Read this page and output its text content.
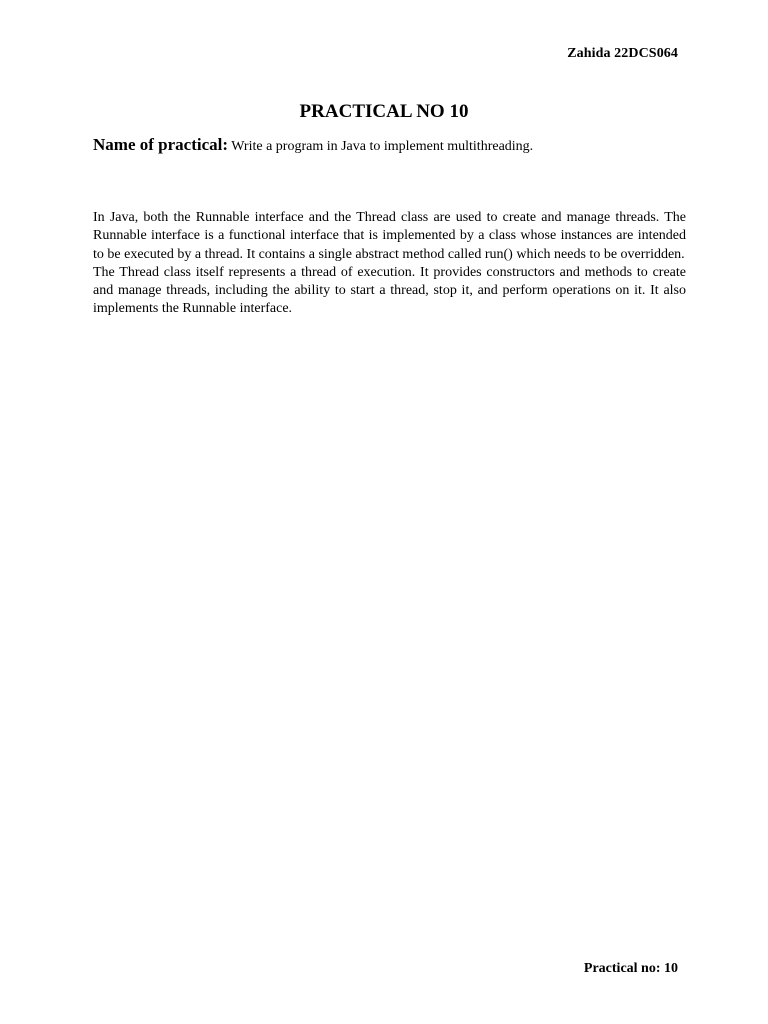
Zahida 22DCS064
PRACTICAL NO 10
Name of practical: Write a program in Java to implement multithreading.

In Java, both the Runnable interface and the Thread class are used to create and manage threads. The Runnable interface is a functional interface that is implemented by a class whose instances are intended to be executed by a thread. It contains a single abstract method called run() which needs to be overridden.

The Thread class itself represents a thread of execution. It provides constructors and methods to create and manage threads, including the ability to start a thread, stop it, and perform operations on it. It also implements the Runnable interface.

Practical no: 10
